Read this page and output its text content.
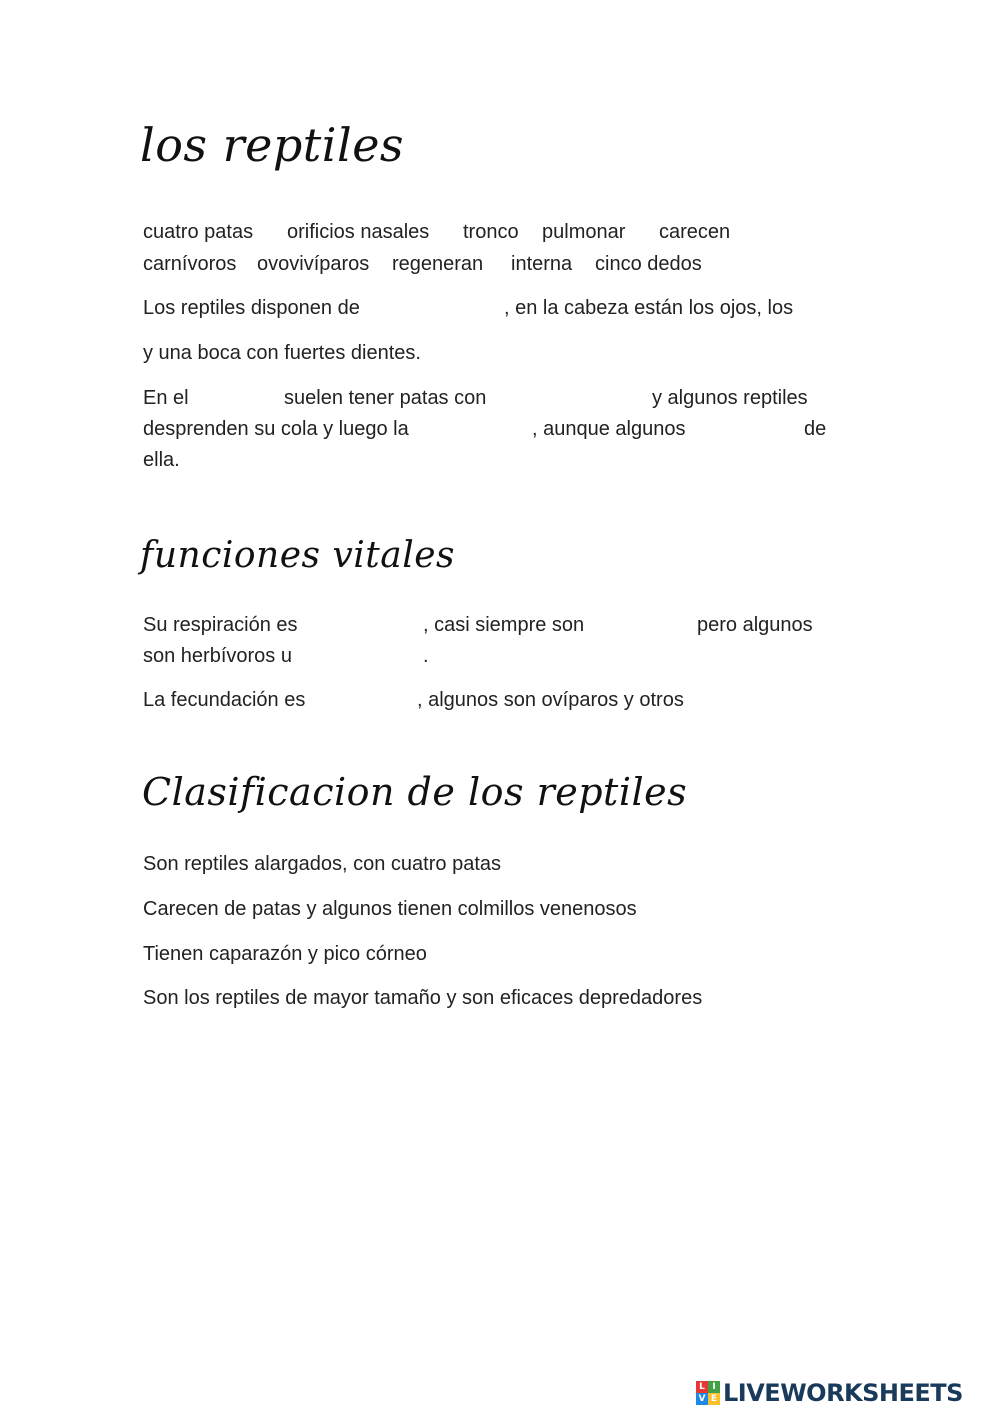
los reptiles
cuatro patas orificios nasales tronco pulmonar carecen
carnívoros ovovivíparos regeneran interna cinco dedos
Los reptiles disponen de	, en la cabeza están los ojos, los
y una boca con fuertes dientes.
En el	suelen tener patas con	y algunos reptiles
desprenden su cola y luego la	, aunque algunos	de
ella.
funciones vitales
Su respiración es	, casi siempre son	pero algunos
son herbívoros u	.
La fecundación es	, algunos son ovíparos y otros
Clasificacion de los reptiles
Son reptiles alargados, con cuatro patas
Carecen de patas y algunos tienen colmillos venenosos
Tienen caparazón y pico córneo
Son los reptiles de mayor tamaño y son eficaces depredadores
L I
V E LIVEWORKSHEETS
